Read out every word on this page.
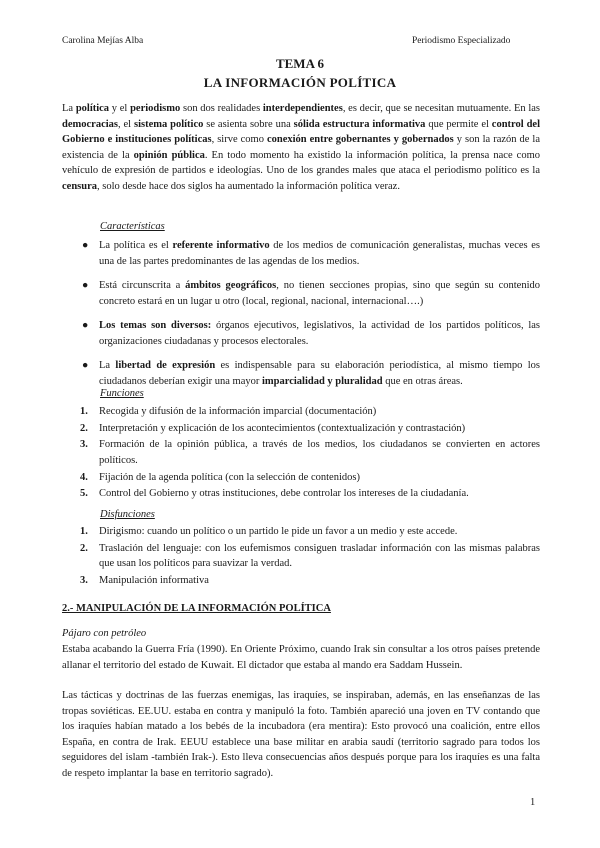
Carolina Mejías Alba	Periodismo Especializado
TEMA 6
LA INFORMACIÓN POLÍTICA

La política y el periodismo son dos realidades interdependientes, es decir, que se necesitan mutuamente. En las democracias, el sistema político se asienta sobre una sólida estructura informativa que permite el control del Gobierno e instituciones políticas, sirve como conexión entre gobernantes y gobernados y son la razón de la existencia de la opinión pública. En todo momento ha existido la información política, la prensa nace como vehículo de expresión de partidos e ideologías. Uno de los grandes males que ataca el periodismo político es la censura, solo desde hace dos siglos ha aumentado la información política veraz.

Características
● La política es el referente informativo de los medios de comunicación generalistas, muchas veces es una de las partes predominantes de las agendas de los medios.
● Está circunscrita a ámbitos geográficos, no tienen secciones propias, sino que según su contenido concreto estará en un lugar u otro (local, regional, nacional, internacional….)
● Los temas son diversos: órganos ejecutivos, legislativos, la actividad de los partidos políticos, las organizaciones ciudadanas y procesos electorales.
● La libertad de expresión es indispensable para su elaboración periodística, al mismo tiempo los ciudadanos deberían exigir una mayor imparcialidad y pluralidad que en otras áreas.
Funciones
1. Recogida y difusión de la información imparcial (documentación)
2. Interpretación y explicación de los acontecimientos (contextualización y contrastación)
3. Formación de la opinión pública, a través de los medios, los ciudadanos se convierten en actores políticos.
4. Fijación de la agenda política (con la selección de contenidos)
5. Control del Gobierno y otras instituciones, debe controlar los intereses de la ciudadanía.
Disfunciones
1. Dirigismo: cuando un político o un partido le pide un favor a un medio y este accede.
2. Traslación del lenguaje: con los eufemismos consiguen trasladar información con las mismas palabras que usan los políticos para suavizar la verdad.
3. Manipulación informativa
2.- MANIPULACIÓN DE LA INFORMACIÓN POLÍTICA
Pájaro con petróleo

Estaba acabando la Guerra Fría (1990). En Oriente Próximo, cuando Irak sin consultar a los otros países pretende allanar el territorio del estado de Kuwait. El dictador que estaba al mando era Saddam Hussein.

Las tácticas y doctrinas de las fuerzas enemigas, las iraquíes, se inspiraban, además, en las enseñanzas de las tropas soviéticas. EE.UU. estaba en contra y manipuló la foto. También apareció una joven en TV contando que los iraquíes habían matado a los bebés de la incubadora (era mentira): Esto provocó una coalición, entre ellos España, en contra de Irak. EEUU establece una base militar en arabia saudí (territorio sagrado para todos los seguidores del islam -también Irak-). Esto lleva consecuencias años después porque para los iraquíes es una falta de respeto implantar la base en territorio sagrado).

1
